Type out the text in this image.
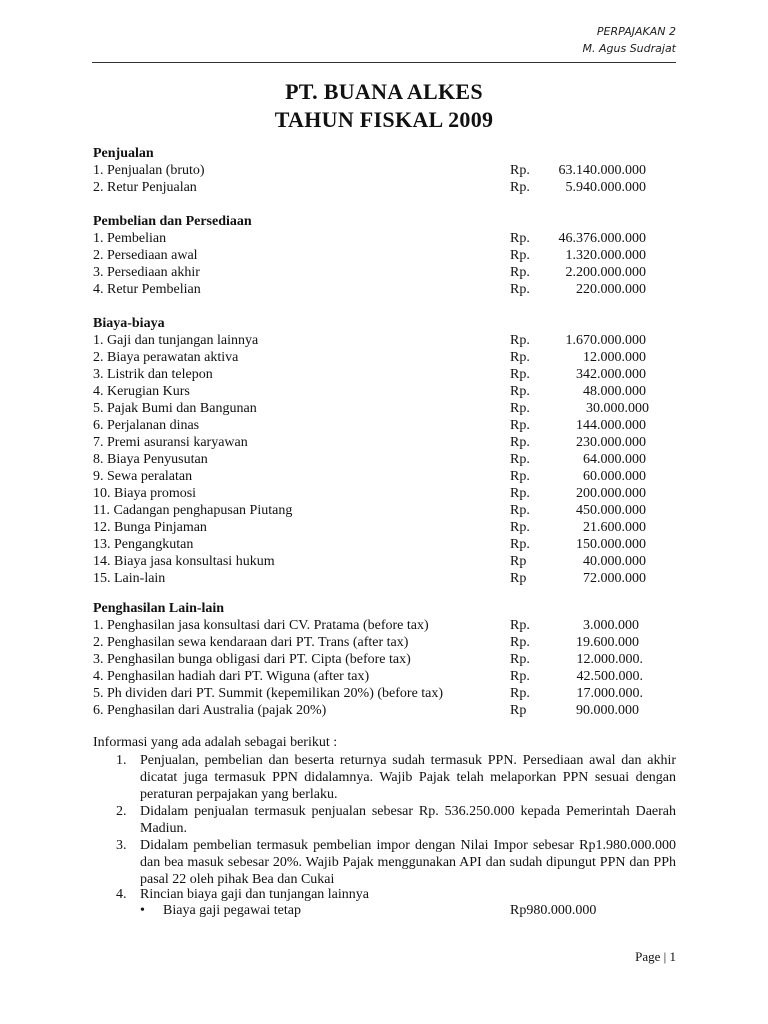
PERPAJAKAN 2
M. Agus Sudrajat
PT. BUANA ALKES
TAHUN FISKAL 2009
Penjualan
1. Penjualan (bruto)	Rp. 63.140.000.000
2. Retur Penjualan	Rp.	5.940.000.000
Pembelian dan Persediaan
1. Pembelian	Rp. 46.376.000.000
2. Persediaan awal	Rp.	1.320.000.000
3. Persediaan akhir	Rp.	2.200.000.000
4. Retur Pembelian	Rp.	220.000.000
Biaya-biaya
1. Gaji dan tunjangan lainnya	Rp.	1.670.000.000
2. Biaya perawatan aktiva	Rp.	12.000.000
3. Listrik dan telepon	Rp.	342.000.000
4. Kerugian Kurs	Rp.	48.000.000
5. Pajak Bumi dan Bangunan	Rp.	30.000.000
6. Perjalanan dinas	Rp.	144.000.000
7. Premi asuransi karyawan	Rp.	230.000.000
8. Biaya Penyusutan	Rp.	64.000.000
9. Sewa peralatan	Rp.	60.000.000
10. Biaya promosi	Rp.	200.000.000
11. Cadangan penghapusan Piutang	Rp.	450.000.000
12. Bunga Pinjaman	Rp.	21.600.000
13. Pengangkutan	Rp.	150.000.000
14. Biaya jasa konsultasi hukum	Rp	40.000.000
15. Lain-lain	Rp	72.000.000
Penghasilan Lain-lain
1. Penghasilan jasa konsultasi dari CV. Pratama (before tax)	Rp.	3.000.000
2. Penghasilan sewa kendaraan dari PT. Trans (after tax)	Rp.	19.600.000
3. Penghasilan bunga obligasi dari PT. Cipta (before tax)	Rp.	12.000.000.
4. Penghasilan hadiah dari PT. Wiguna (after tax)	Rp.	42.500.000.
5. Ph dividen dari PT. Summit (kepemilikan 20%) (before tax)	Rp.	17.000.000.
6. Penghasilan dari Australia (pajak 20%)	Rp	90.000.000
Informasi yang ada adalah sebagai berikut :
1. Penjualan, pembelian dan beserta returnya sudah termasuk PPN. Persediaan awal dan akhir dicatat juga termasuk PPN didalamnya. Wajib Pajak telah melaporkan PPN sesuai dengan peraturan perpajakan yang berlaku.
2. Didalam penjualan termasuk penjualan sebesar Rp. 536.250.000 kepada Pemerintah Daerah Madiun.
3. Didalam pembelian termasuk pembelian impor dengan Nilai Impor sebesar Rp1.980.000.000 dan bea masuk sebesar 20%. Wajib Pajak menggunakan API dan sudah dipungut PPN dan PPh pasal 22 oleh pihak Bea dan Cukai
4. Rincian biaya gaji dan tunjangan lainnya
• Biaya gaji pegawai tetap	Rp980.000.000
Page | 1
